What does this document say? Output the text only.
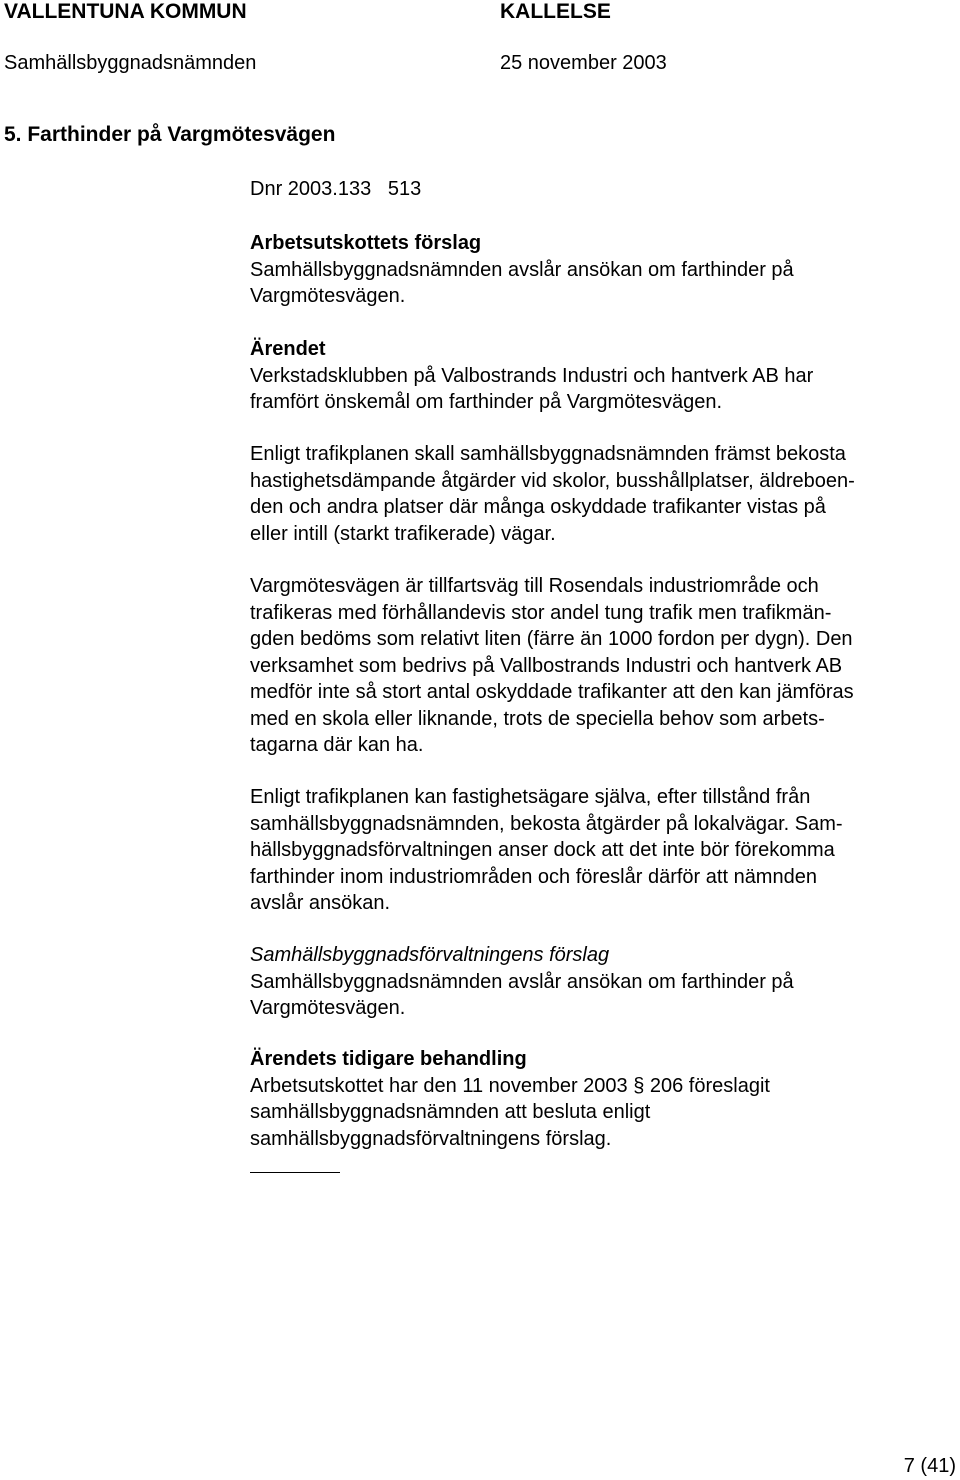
VALLENTUNA KOMMUN	KALLELSE
Samhällsbyggnadsnämnden	25 november 2003
5. Farthinder på Vargmötesvägen
Dnr 2003.133   513
Arbetsutskottets förslag
Samhällsbyggnadsnämnden avslår ansökan om farthinder på
Vargmötesvägen.
Ärendet
Verkstadsklubben på Valbostrands Industri och hantverk AB har
framfört önskemål om farthinder på Vargmötesvägen.
Enligt trafikplanen skall samhällsbyggnadsnämnden främst bekosta
hastighetsdämpande åtgärder vid skolor, busshållplatser, äldreboen-
den och andra platser där många oskyddade trafikanter vistas på
eller intill (starkt trafikerade) vägar.
Vargmötesvägen är tillfartsväg till Rosendals industriområde och
trafikeras med förhållandevis stor andel tung trafik men trafikmän-
gden bedöms som relativt liten (färre än 1000 fordon per dygn). Den
verksamhet som bedrivs på Vallbostrands Industri och hantverk AB
medför inte så stort antal oskyddade trafikanter att den kan jämföras
med en skola eller liknande, trots de speciella behov som arbets-
tagarna där kan ha.
Enligt trafikplanen kan fastighetsägare själva, efter tillstånd från
samhällsbyggnadsnämnden, bekosta åtgärder på lokalvägar. Sam-
hällsbyggnadsförvaltningen anser dock att det inte bör förekomma
farthinder inom industriområden och föreslår därför att nämnden
avslår ansökan.
Samhällsbyggnadsförvaltningens förslag
Samhällsbyggnadsnämnden avslår ansökan om farthinder på
Vargmötesvägen.
Ärendets tidigare behandling
Arbetsutskottet har den 11 november 2003 § 206 föreslagit
samhällsbyggnadsnämnden att besluta enligt
samhällsbyggnadsförvaltningens förslag.
7 (41)
